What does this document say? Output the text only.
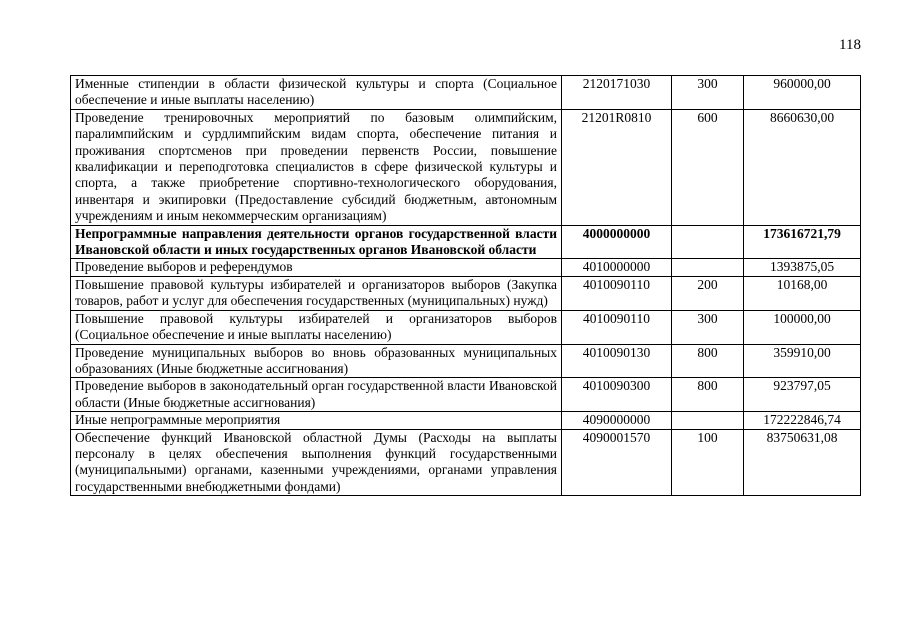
118
Именные стипендии в области физической культуры и спорта (Социальное обеспечение и иные выплаты населению)	2120171030	300	960000,00
Проведение тренировочных мероприятий по базовым олимпийским, паралимпийским и сурдлимпийским видам спорта, обеспечение питания и проживания спортсменов при проведении первенств России, повышение квалификации и переподготовка специалистов в сфере физической культуры и спорта, а также приобретение спортивно-технологического оборудования, инвентаря и экипировки (Предоставление субсидий бюджетным, автономным учреждениям и иным некоммерческим организациям)	21201R0810	600	8660630,00
Непрограммные направления деятельности органов государственной власти Ивановской области и иных государственных органов Ивановской области	4000000000		173616721,79
Проведение выборов и референдумов	4010000000		1393875,05
Повышение правовой культуры избирателей и организаторов выборов (Закупка товаров, работ и услуг для обеспечения государственных (муниципальных) нужд)	4010090110	200	10168,00
Повышение правовой культуры избирателей и организаторов выборов (Социальное обеспечение и иные выплаты населению)	4010090110	300	100000,00
Проведение муниципальных выборов во вновь образованных муниципальных образованиях (Иные бюджетные ассигнования)	4010090130	800	359910,00
Проведение выборов в законодательный орган государственной власти Ивановской области (Иные бюджетные ассигнования)	4010090300	800	923797,05
Иные непрограммные мероприятия	4090000000		172222846,74
Обеспечение функций Ивановской областной Думы (Расходы на выплаты персоналу в целях обеспечения выполнения функций государственными (муниципальными) органами, казенными учреждениями, органами управления государственными внебюджетными фондами)	4090001570	100	83750631,08
